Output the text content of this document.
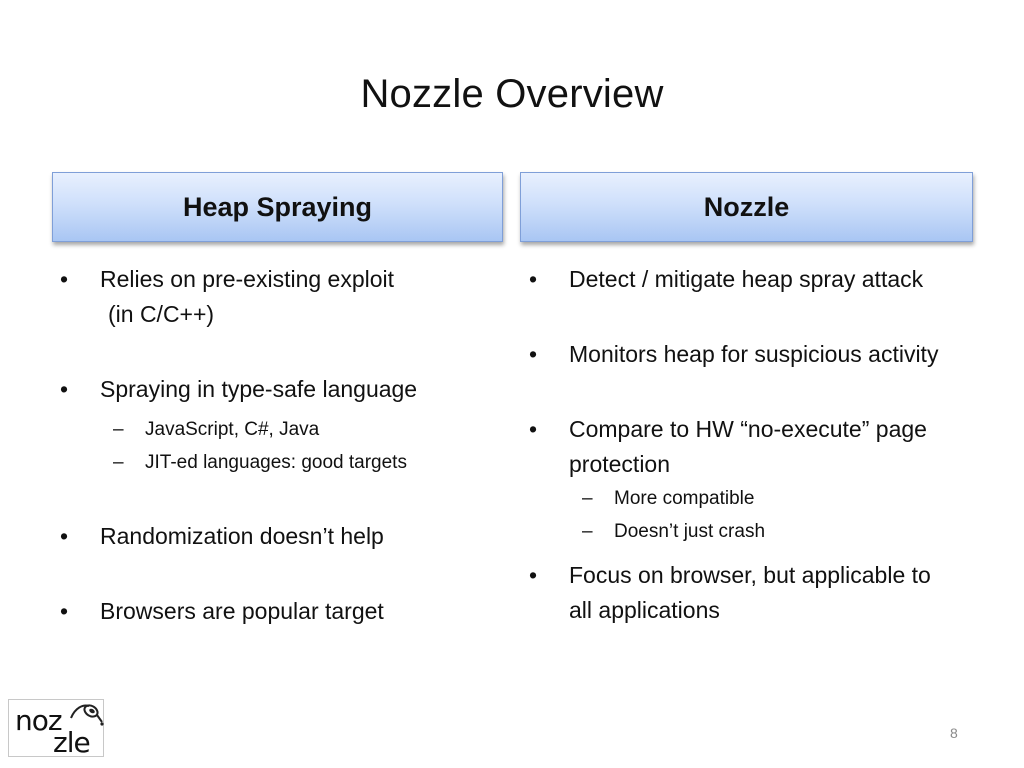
Nozzle Overview
Heap Spraying	Nozzle
•	Relies on pre-existing exploit
(in C/C++)
•	Spraying in type-safe language
– JavaScript, C#, Java
– JIT-ed languages: good targets
•	Randomization doesn’t help
•	Browsers are popular target
•	Detect / mitigate heap spray attack
•	Monitors heap for suspicious activity
•	Compare to HW “no-execute” page
protection
– More compatible
– Doesn’t just crash
•	Focus on browser, but applicable to
all applications
noz
zle	8
